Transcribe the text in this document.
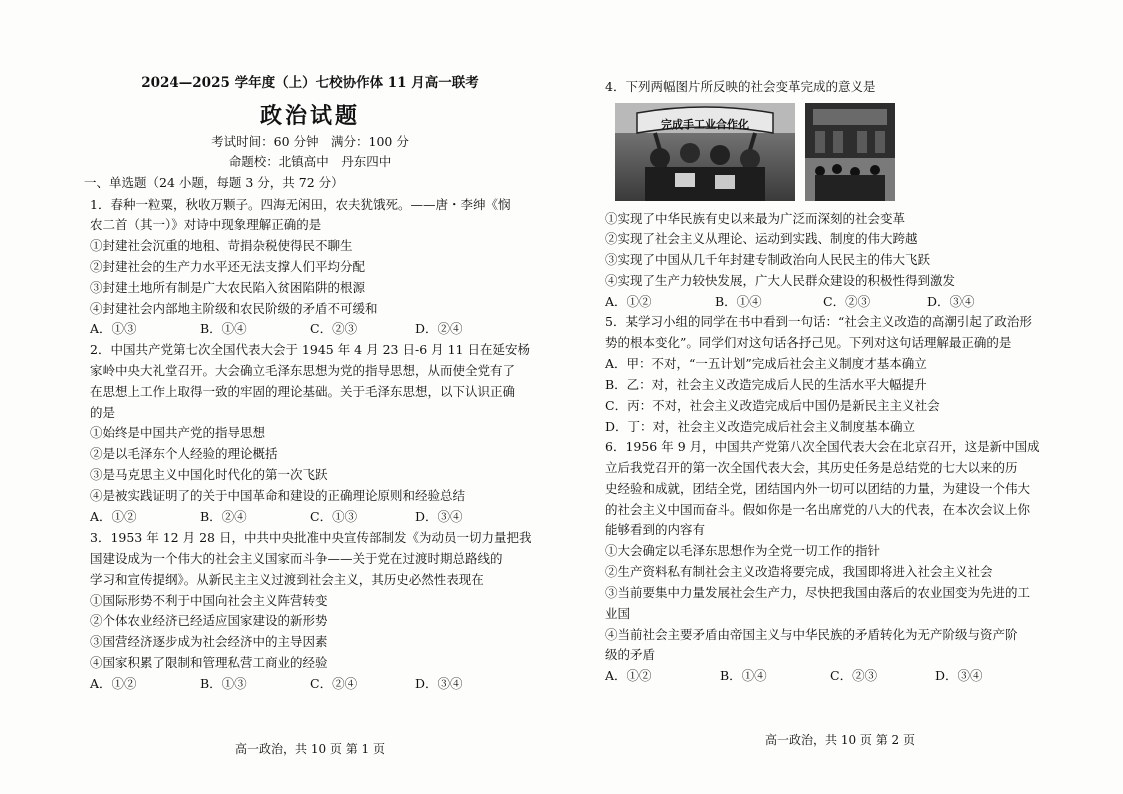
2024—2025 学年度（上）七校协作体 11 月高一联考
政治试题
考试时间：60 分钟　满分：100 分
命题校：北镇高中　丹东四中
一、单选题（24 小题，每题 3 分，共 72 分）
1．春种一粒粟，秋收万颗子。四海无闲田，农夫犹饿死。——唐・李绅《悯
农二首（其一）》对诗中现象理解正确的是
①封建社会沉重的地租、苛捐杂税使得民不聊生
②封建社会的生产力水平还无法支撑人们平均分配
③封建土地所有制是广大农民陷入贫困陷阱的根源
④封建社会内部地主阶级和农民阶级的矛盾不可缓和
A．①③	B．①④	C．②③	D．②④
2．中国共产党第七次全国代表大会于 1945 年 4 月 23 日-6 月 11 日在延安杨
家岭中央大礼堂召开。大会确立毛泽东思想为党的指导思想，从而使全党有了
在思想上工作上取得一致的牢固的理论基础。关于毛泽东思想，以下认识正确
的是
①始终是中国共产党的指导思想
②是以毛泽东个人经验的理论概括
③是马克思主义中国化时代化的第一次飞跃
④是被实践证明了的关于中国革命和建设的正确理论原则和经验总结
A．①②	B．②④	C．①③	D．③④
3．1953 年 12 月 28 日，中共中央批准中央宣传部制发《为动员一切力量把我
国建设成为一个伟大的社会主义国家而斗争——关于党在过渡时期总路线的
学习和宣传提纲》。从新民主主义过渡到社会主义，其历史必然性表现在
①国际形势不利于中国向社会主义阵营转变
②个体农业经济已经适应国家建设的新形势
③国营经济逐步成为社会经济中的主导因素
④国家积累了限制和管理私营工商业的经验
A．①②	B．①③	C．②④	D．③④
高一政治，共 10 页 第 1 页
4．下列两幅图片所反映的社会变革完成的意义是
完成手工业合作化
①实现了中华民族有史以来最为广泛而深刻的社会变革
②实现了社会主义从理论、运动到实践、制度的伟大跨越
③实现了中国从几千年封建专制政治向人民民主的伟大飞跃
④实现了生产力较快发展，广大人民群众建设的积极性得到激发
A．①②	B．①④	C．②③	D．③④
5．某学习小组的同学在书中看到一句话：“社会主义改造的高潮引起了政治形
势的根本变化”。同学们对这句话各抒己见。下列对这句话理解最正确的是
A．甲：不对，“一五计划”完成后社会主义制度才基本确立
B．乙：对，社会主义改造完成后人民的生活水平大幅提升
C．丙：不对，社会主义改造完成后中国仍是新民主主义社会
D．丁：对，社会主义改造完成后社会主义制度基本确立
6．1956 年 9 月，中国共产党第八次全国代表大会在北京召开，这是新中国成
立后我党召开的第一次全国代表大会，其历史任务是总结党的七大以来的历
史经验和成就，团结全党，团结国内外一切可以团结的力量，为建设一个伟大
的社会主义中国而奋斗。假如你是一名出席党的八大的代表，在本次会议上你
能够看到的内容有
①大会确定以毛泽东思想作为全党一切工作的指针
②生产资料私有制社会主义改造将要完成，我国即将进入社会主义社会
③当前要集中力量发展社会生产力，尽快把我国由落后的农业国变为先进的工
业国
④当前社会主要矛盾由帝国主义与中华民族的矛盾转化为无产阶级与资产阶
级的矛盾
A．①②	B．①④	C．②③	D．③④
高一政治，共 10 页 第 2 页
